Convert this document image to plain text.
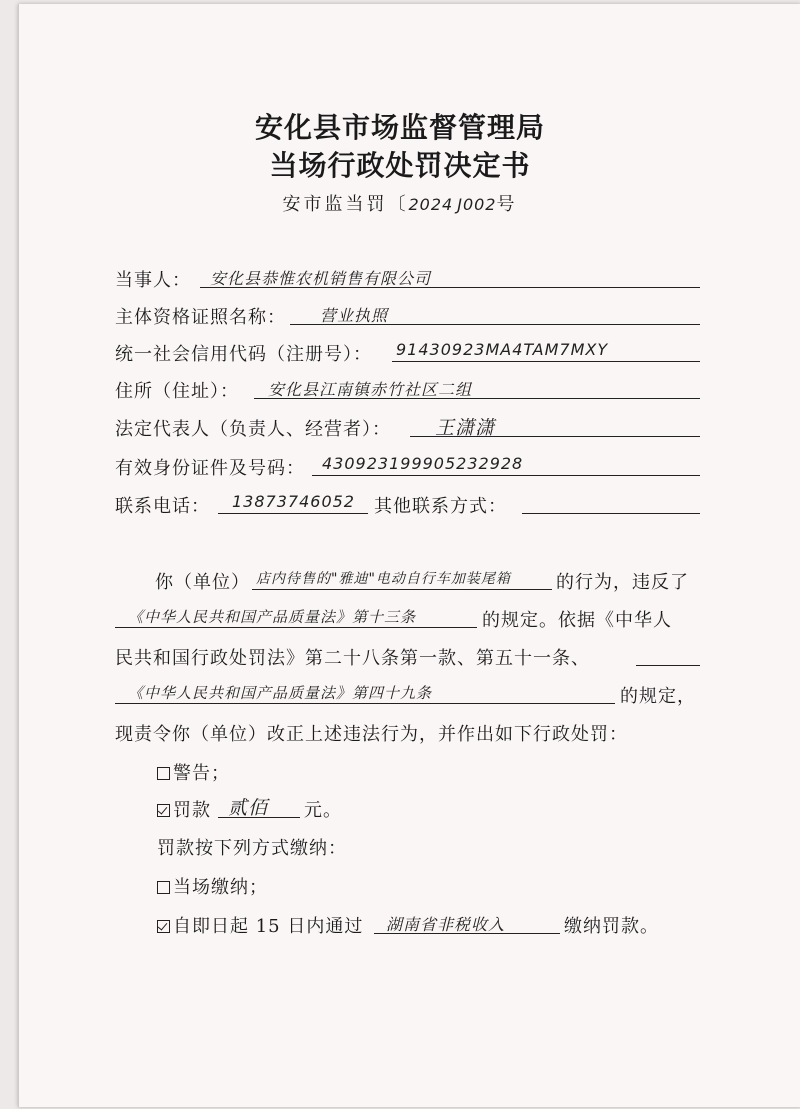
安化县市场监督管理局
当场行政处罚决定书
安市监当罚〔2024 J002号
当事人： 安化县恭惟农机销售有限公司
主体资格证照名称： 营业执照
统一社会信用代码（注册号）： 91430923MA4TAM7MXY
住所（住址）： 安化县江南镇赤竹社区二组
法定代表人（负责人、经营者）： 王潇潇
有效身份证件及号码： 430923199905232928
联系电话： 13873746052 其他联系方式：
你（单位） 店内待售的"雅迪"电动自行车加装尾箱	的行为，违反了
《中华人民共和国产品质量法》第十三条	的规定。依据《中华人
民共和国行政处罚法》第二十八条第一款、第五十一条、
《中华人民共和国产品质量法》第四十九条	的规定，
现责令你（单位）改正上述违法行为，并作出如下行政处罚：
警告；
罚款 贰佰 元。
罚款按下列方式缴纳：
当场缴纳；
自即日起 15 日内通过 湖南省非税收入	缴纳罚款。
